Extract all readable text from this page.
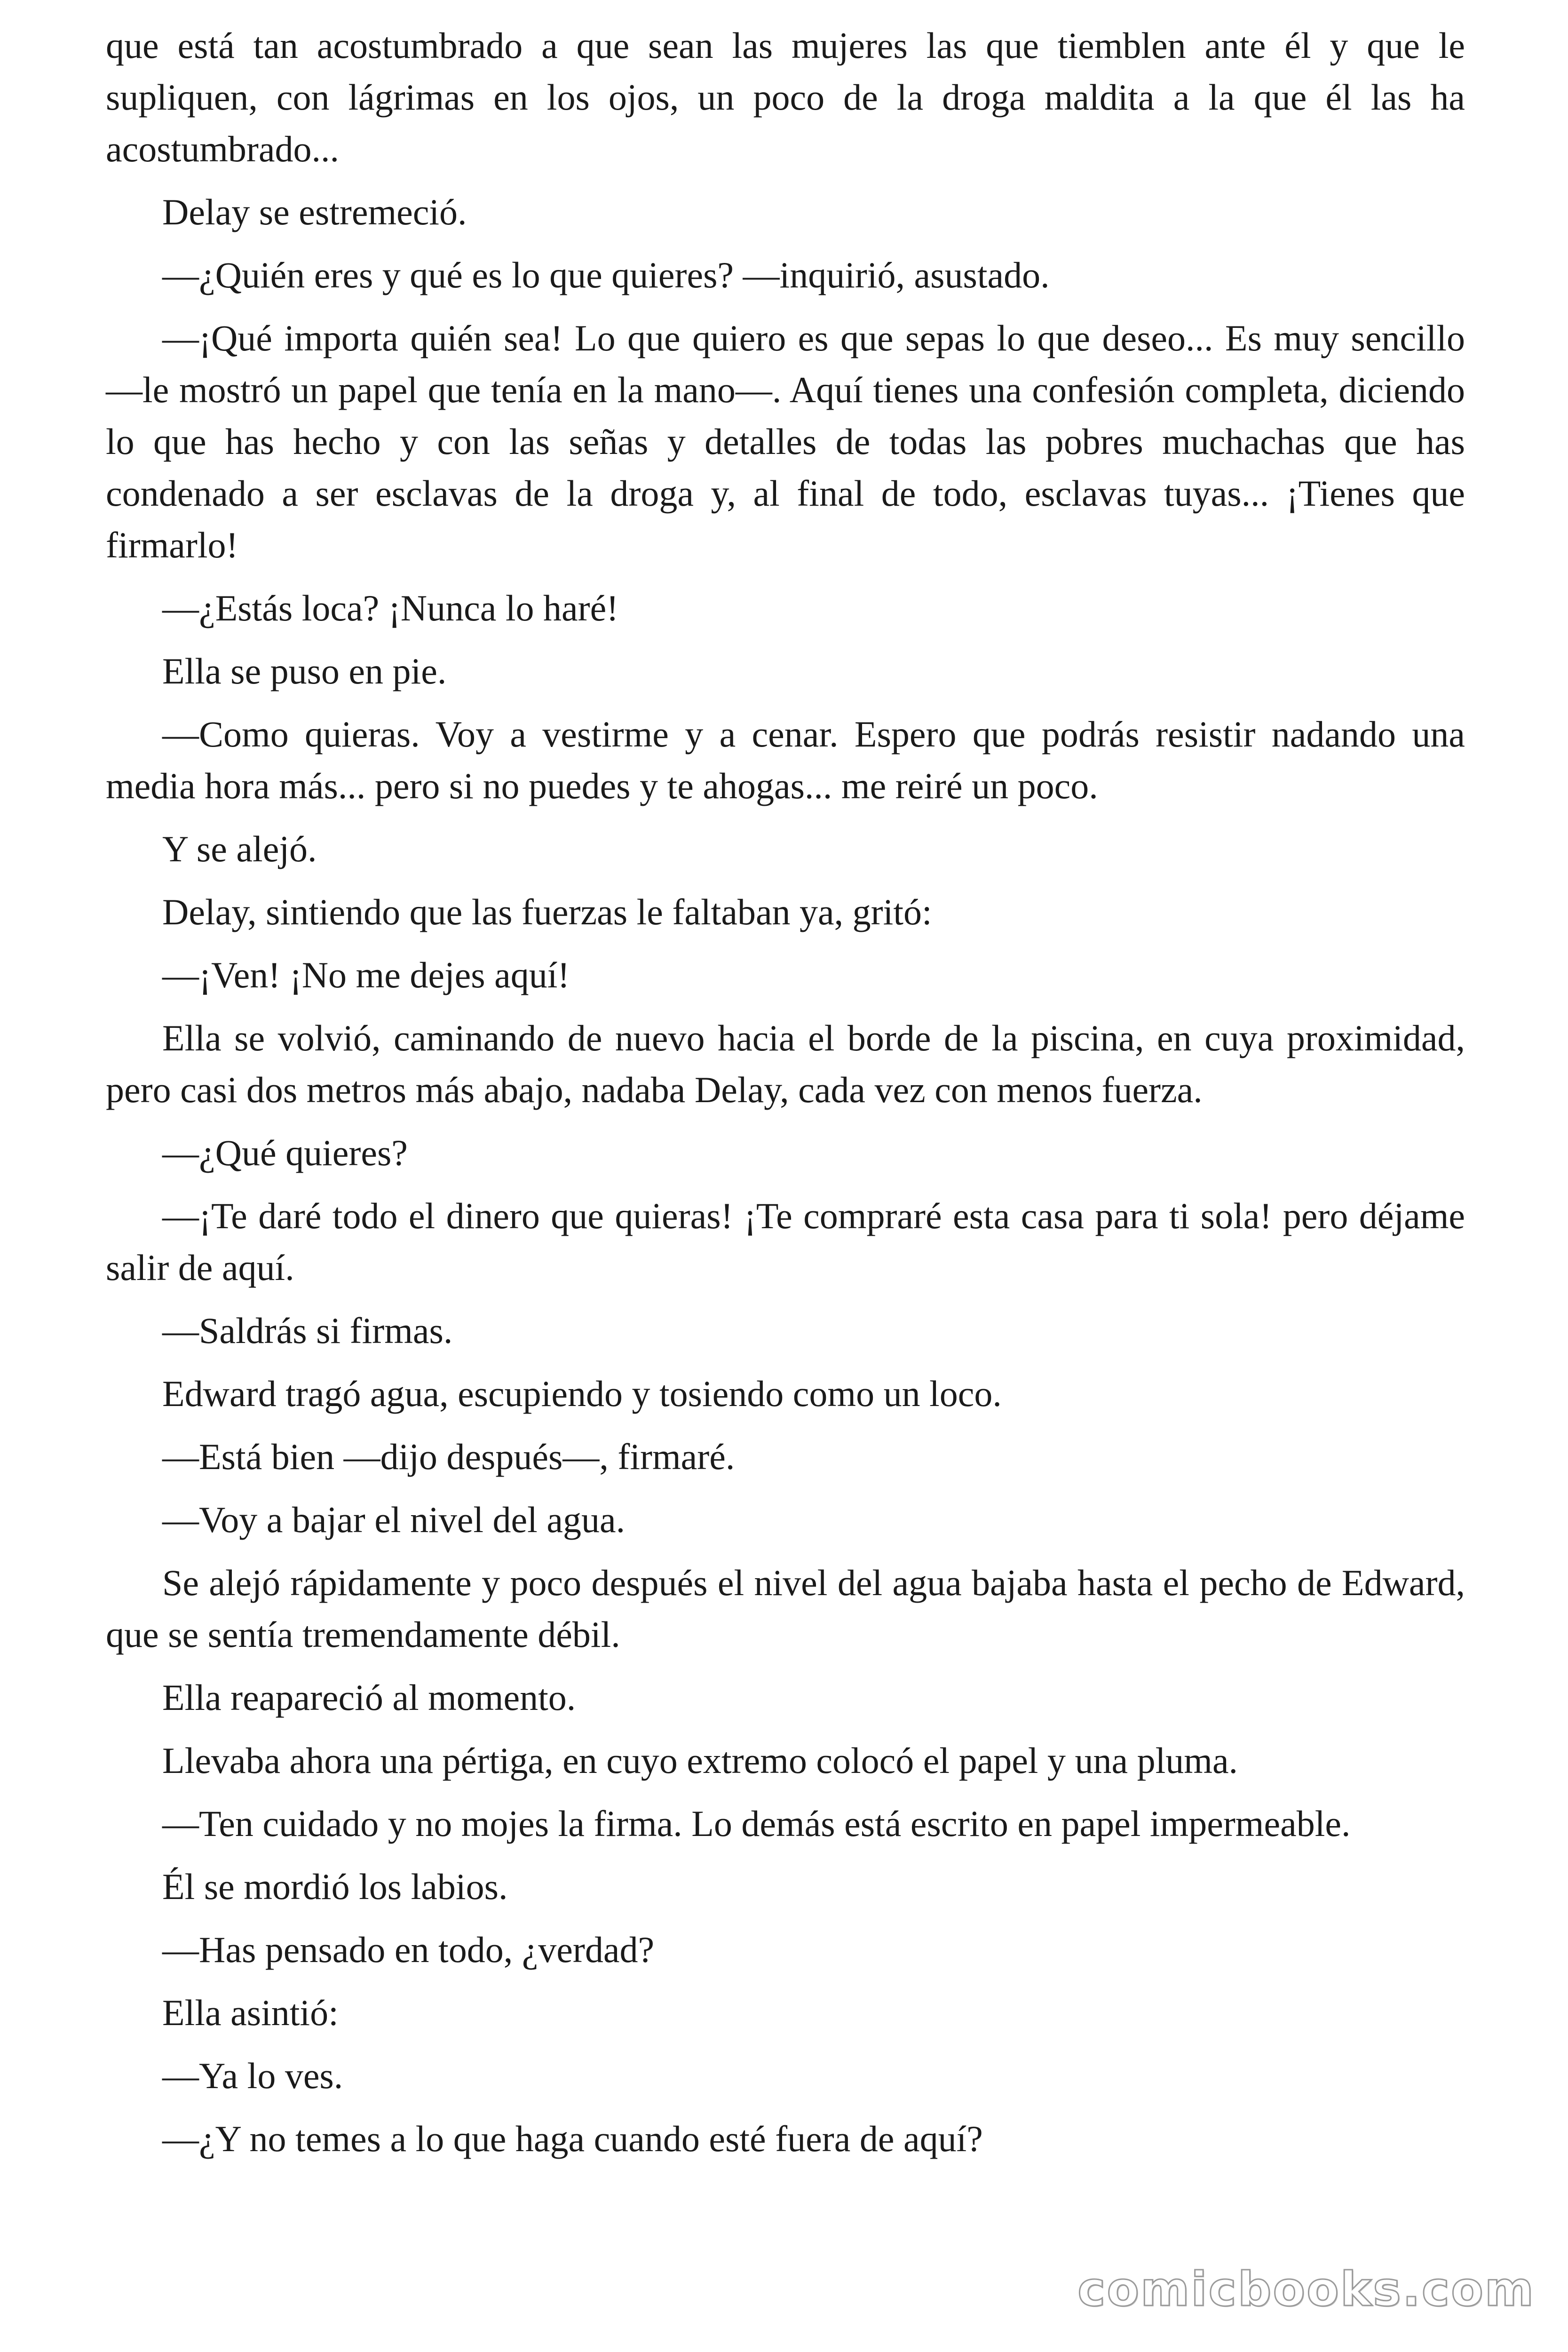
que está tan acostumbrado a que sean las mujeres las que tiemblen ante él y que le supliquen, con lágrimas en los ojos, un poco de la droga maldita a la que él las ha acostumbrado...

Delay se estremeció.

—¿Quién eres y qué es lo que quieres? —inquirió, asustado.

—¡Qué importa quién sea! Lo que quiero es que sepas lo que deseo... Es muy sencillo —le mostró un papel que tenía en la mano—. Aquí tienes una confesión completa, diciendo lo que has hecho y con las señas y detalles de todas las pobres muchachas que has condenado a ser esclavas de la droga y, al final de todo, esclavas tuyas... ¡Tienes que firmarlo!

—¿Estás loca? ¡Nunca lo haré!

Ella se puso en pie.

—Como quieras. Voy a vestirme y a cenar. Espero que podrás resistir nadando una media hora más... pero si no puedes y te ahogas... me reiré un poco.

Y se alejó.

Delay, sintiendo que las fuerzas le faltaban ya, gritó:

—¡Ven! ¡No me dejes aquí!

Ella se volvió, caminando de nuevo hacia el borde de la piscina, en cuya proximidad, pero casi dos metros más abajo, nadaba Delay, cada vez con menos fuerza.

—¿Qué quieres?

—¡Te daré todo el dinero que quieras! ¡Te compraré esta casa para ti sola! pero déjame salir de aquí.

—Saldrás si firmas.

Edward tragó agua, escupiendo y tosiendo como un loco.

—Está bien —dijo después—, firmaré.

—Voy a bajar el nivel del agua.

Se alejó rápidamente y poco después el nivel del agua bajaba hasta el pecho de Edward, que se sentía tremendamente débil.

Ella reapareció al momento.

Llevaba ahora una pértiga, en cuyo extremo colocó el papel y una pluma.

—Ten cuidado y no mojes la firma. Lo demás está escrito en papel impermeable.

Él se mordió los labios.

—Has pensado en todo, ¿verdad?

Ella asintió:

—Ya lo ves.

—¿Y no temes a lo que haga cuando esté fuera de aquí?

comicbooks.com
